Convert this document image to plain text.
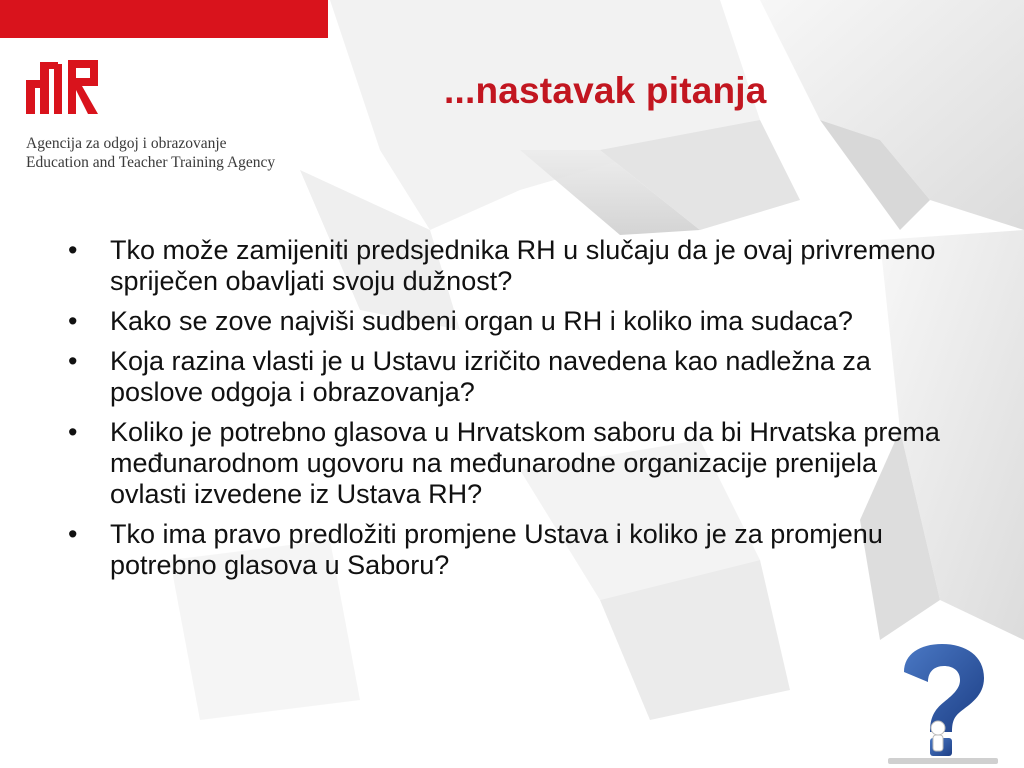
Agencija za odgoj i obrazovanje
Education and Teacher Training Agency
...nastavak pitanja
•	Tko može zamijeniti predsjednika RH u slučaju da je ovaj privremeno spriječen obavljati svoju dužnost?
•	Kako se zove najviši sudbeni organ u RH i koliko ima sudaca?
•	Koja razina vlasti je u Ustavu izričito navedena kao nadležna za poslove odgoja i obrazovanja?
•	Koliko je potrebno glasova u Hrvatskom saboru da bi Hrvatska prema međunarodnom ugovoru na međunarodne organizacije prenijela ovlasti izvedene iz Ustava RH?
•	Tko ima pravo predložiti promjene Ustava i koliko je za promjenu potrebno glasova u Saboru?
